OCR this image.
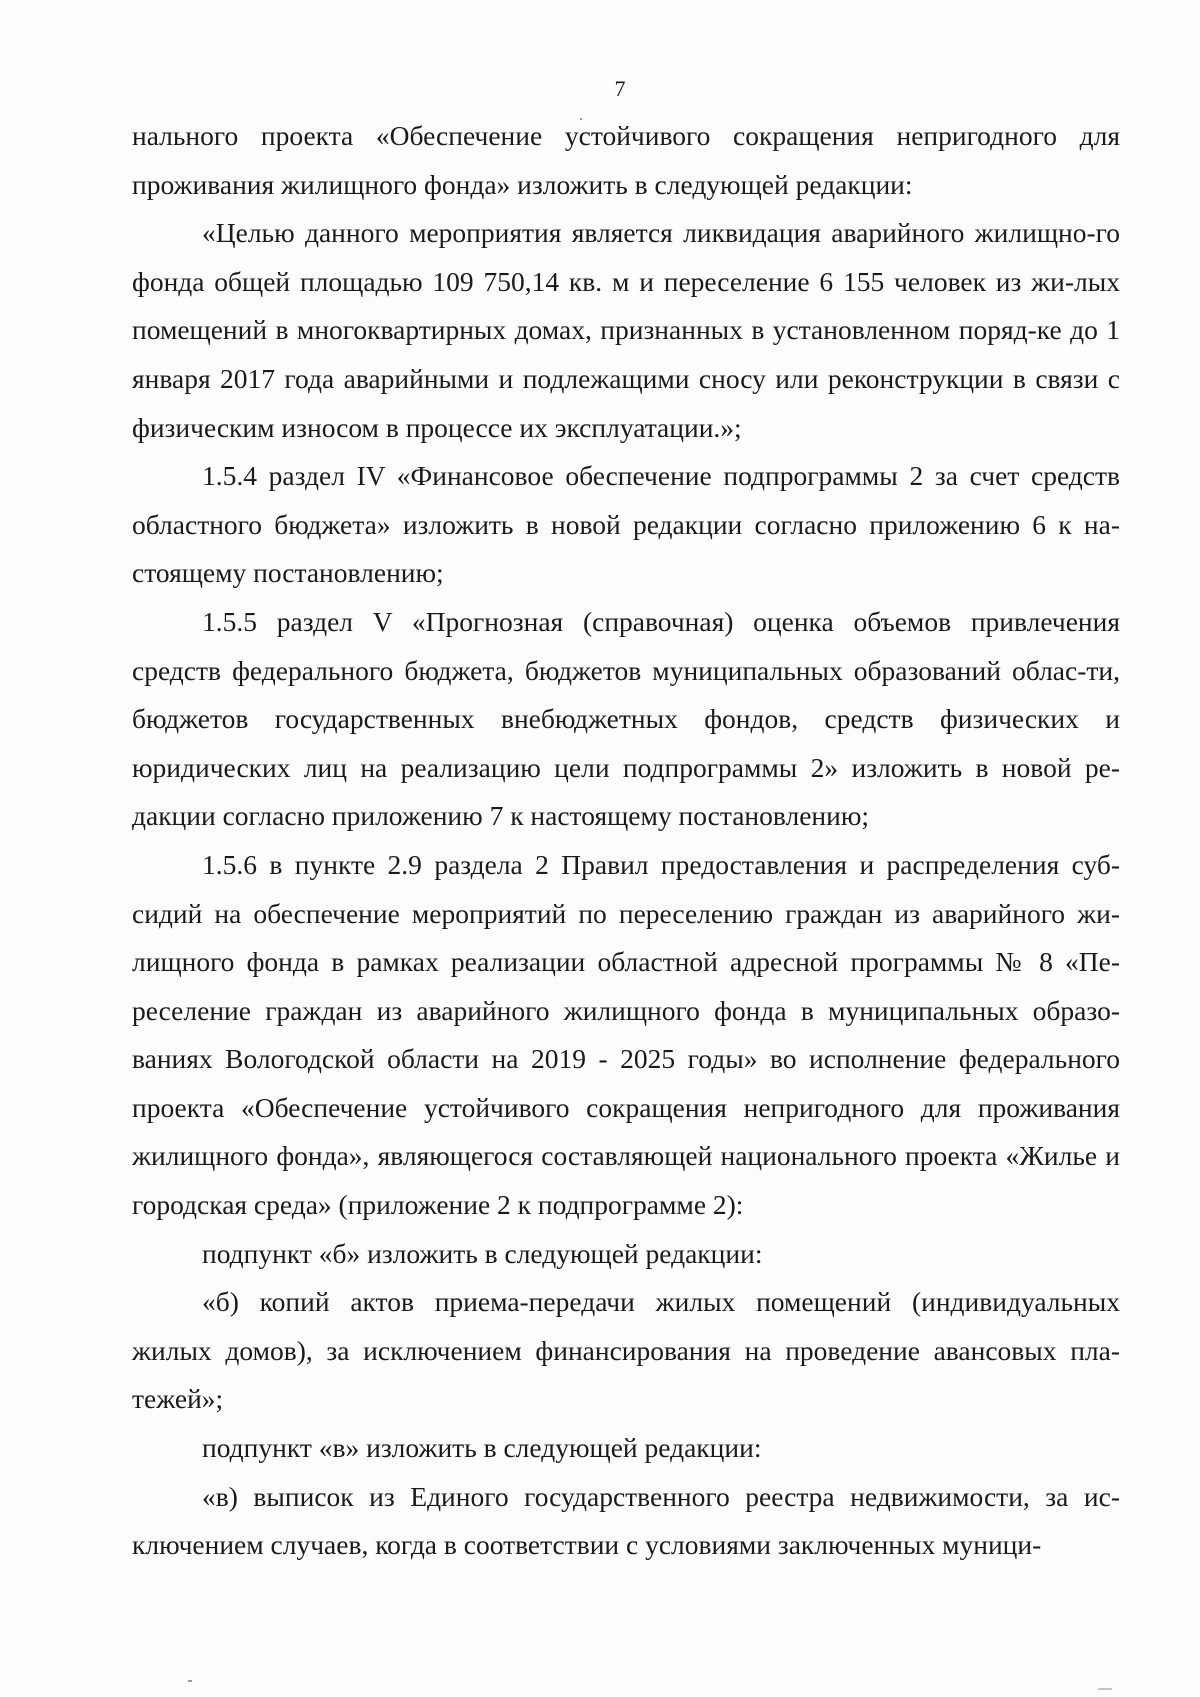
7

нального проекта «Обеспечение устойчивого сокращения непригодного для проживания жилищного фонда» изложить в следующей редакции:

«Целью данного мероприятия является ликвидация аварийного жилищно-го фонда общей площадью 109 750,14 кв. м и переселение 6 155 человек из жи-лых помещений в многоквартирных домах, признанных в установленном поряд-ке до 1 января 2017 года аварийными и подлежащими сносу или реконструкции в связи с физическим износом в процессе их эксплуатации.»;

1.5.4 раздел IV «Финансовое обеспечение подпрограммы 2 за счет средств областного бюджета» изложить в новой редакции согласно приложению 6 к на-стоящему постановлению;

1.5.5 раздел V «Прогнозная (справочная) оценка объемов привлечения средств федерального бюджета, бюджетов муниципальных образований облас-ти, бюджетов государственных внебюджетных фондов, средств физических и юридических лиц на реализацию цели подпрограммы 2» изложить в новой ре-дакции согласно приложению 7 к настоящему постановлению;

1.5.6 в пункте 2.9 раздела 2 Правил предоставления и распределения суб-сидий на обеспечение мероприятий по переселению граждан из аварийного жи-лищного фонда в рамках реализации областной адресной программы № 8 «Пе-реселение граждан из аварийного жилищного фонда в муниципальных образо-ваниях Вологодской области на 2019 - 2025 годы» во исполнение федерального проекта «Обеспечение устойчивого сокращения непригодного для проживания жилищного фонда», являющегося составляющей национального проекта «Жилье и городская среда» (приложение 2 к подпрограмме 2):

подпункт «б» изложить в следующей редакции:

«б) копий актов приема-передачи жилых помещений (индивидуальных жилых домов), за исключением финансирования на проведение авансовых пла-тежей»;

подпункт «в» изложить в следующей редакции:

«в) выписок из Единого государственного реестра недвижимости, за ис-ключением случаев, когда в соответствии с условиями заключенных муници-
